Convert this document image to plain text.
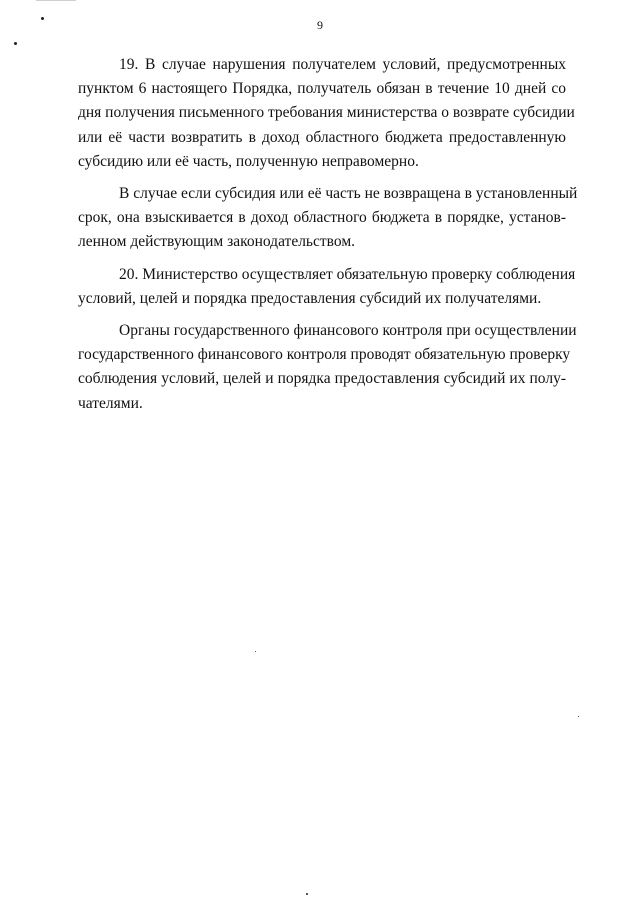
9
19. В случае нарушения получателем условий, предусмотренных
пунктом 6 настоящего Порядка, получатель обязан в течение 10 дней со
дня получения письменного требования министерства о возврате субсидии
или её части возвратить в доход областного бюджета предоставленную
субсидию или её часть, полученную неправомерно.
В случае если субсидия или её часть не возвращена в установленный
срок, она взыскивается в доход областного бюджета в порядке, установ-
ленном действующим законодательством.
20. Министерство осуществляет обязательную проверку соблюдения
условий, целей и порядка предоставления субсидий их получателями.
Органы государственного финансового контроля при осуществлении
государственного финансового контроля проводят обязательную проверку
соблюдения условий, целей и порядка предоставления субсидий их полу-
чателями.
